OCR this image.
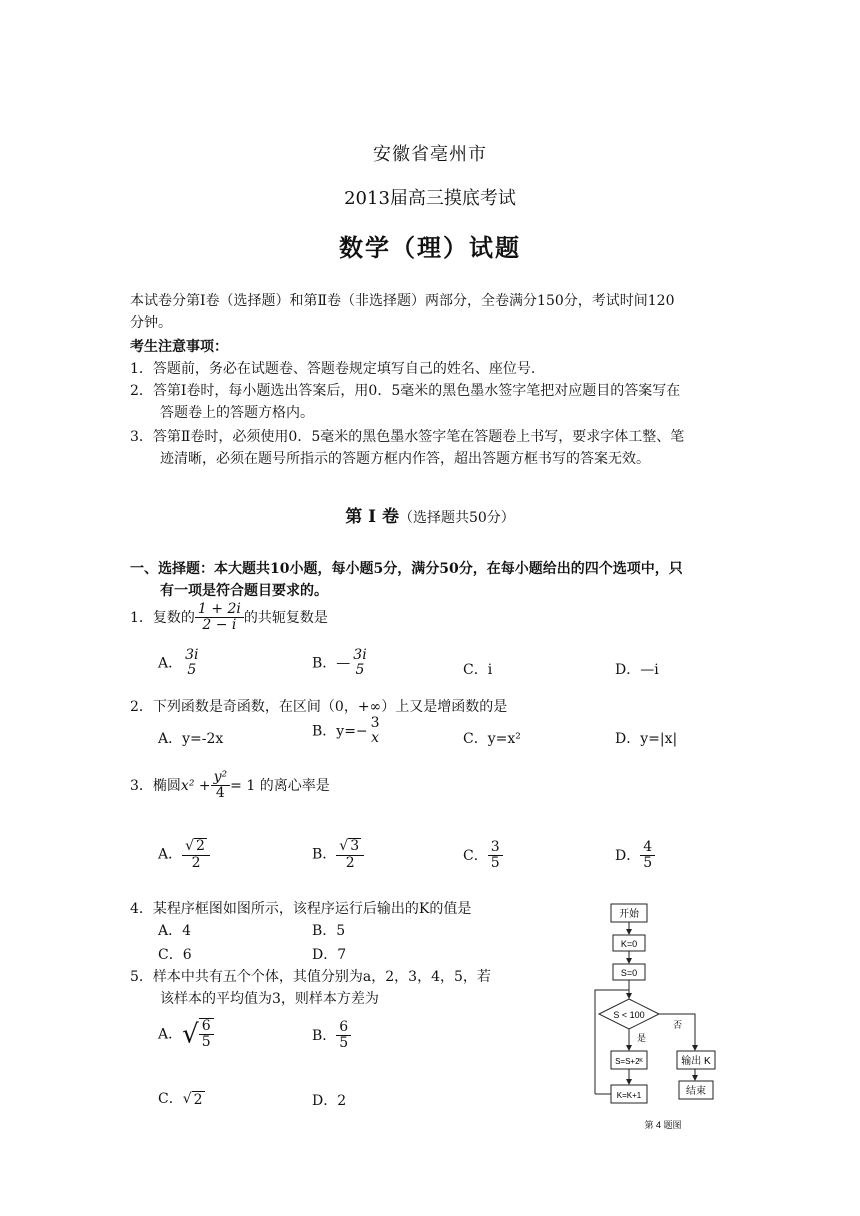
安徽省亳州市
2013届高三摸底考试
数学（理）试题
本试卷分第Ⅰ卷（选择题）和第Ⅱ卷（非选择题）两部分，全卷满分150分，考试时间120
分钟。
考生注意事项：
1．答题前，务必在试题卷、答题卷规定填写自己的姓名、座位号.
2．答第Ⅰ卷时，每小题选出答案后，用0．5毫米的黑色墨水签字笔把对应题目的答案写在
答题卷上的答题方格内。
3．答第Ⅱ卷时，必须使用0．5毫米的黑色墨水签字笔在答题卷上书写，要求字体工整、笔
迹清晰，必须在题号所指示的答题方框内作答，超出答题方框书写的答案无效。
第 Ⅰ 卷（选择题共50分）
一、选择题：本大题共10小题，每小题5分，满分50分，在每小题给出的四个选项中，只
有一项是符合题目要求的。
1．复数的 $\frac{1 + 2i}{2 - i}$ 的共轭复数是
A．
3i
5	B．—
3i
5	C．i	D．—i
2．下列函数是奇函数，在区间（0，+∞）上又是增函数的是
A．y=-2x	B．y=−
3
x	C．y=x²	D．y=|x|
3．椭圆$x^2 + \frac{\text{y²}}{4} = 1$ 的离心率是
A． $\frac{√ 2}{2}$	B． $\frac{√ 3}{2}$	C． $\frac{3}{5}$	D． $\frac{4}{5}$
4．某程序框图如图所示，该程序运行后输出的K的值是
A．4	B．5
C．6	D．7
5．样本中共有五个个体，其值分别为a，2，3，4，5，若
该样本的平均值为3，则样本方差为
A．√ $\frac{6}{5}$	B． $\frac{6}{5}$
C．√ 2	D．2
开始
K=0
S=0
S < 100
是
否
S=S+2ᴷ
K=K+1
输出 K
结束
第 4 题图
